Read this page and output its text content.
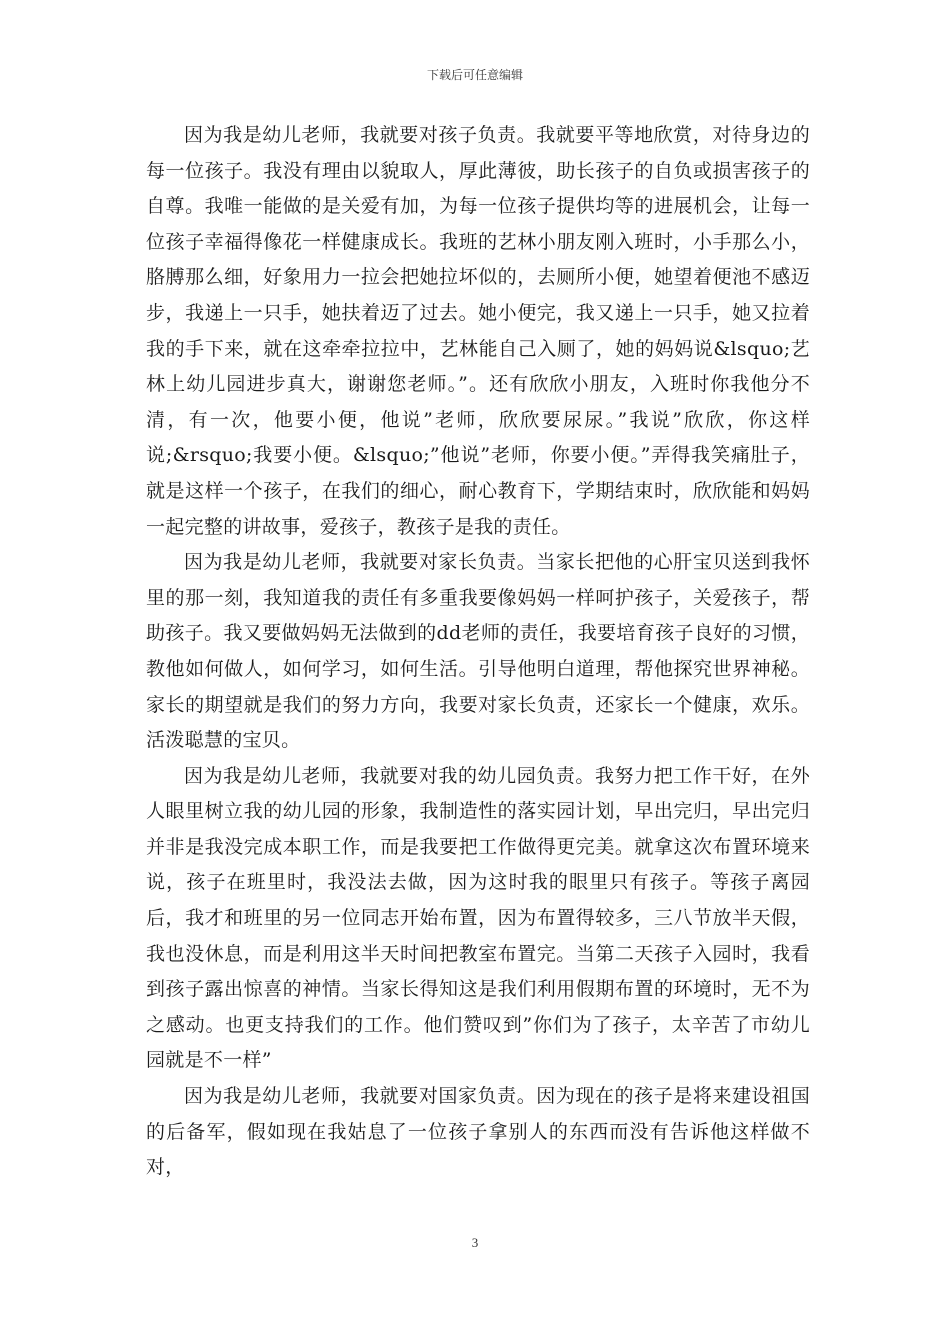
下载后可任意编辑

因为我是幼儿老师，我就要对孩子负责。我就要平等地欣赏，对待身边的每一位孩子。我没有理由以貌取人，厚此薄彼，助长孩子的自负或损害孩子的自尊。我唯一能做的是关爱有加，为每一位孩子提供均等的进展机会，让每一位孩子幸福得像花一样健康成长。我班的艺林小朋友刚入班时，小手那么小，胳膊那么细，好象用力一拉会把她拉坏似的，去厕所小便，她望着便池不感迈步，我递上一只手，她扶着迈了过去。她小便完，我又递上一只手，她又拉着我的手下来，就在这牵牵拉拉中，艺林能自己入厕了，她的妈妈说&lsquo;艺林上幼儿园进步真大，谢谢您老师。”。还有欣欣小朋友，入班时你我他分不清，有一次，他要小便，他说”老师，欣欣要尿尿。”我说”欣欣，你这样说;&rsquo;我要小便。&lsquo;”他说”老师，你要小便。”弄得我笑痛肚子，就是这样一个孩子，在我们的细心，耐心教育下，学期结束时，欣欣能和妈妈一起完整的讲故事，爱孩子，教孩子是我的责任。

因为我是幼儿老师，我就要对家长负责。当家长把他的心肝宝贝送到我怀里的那一刻，我知道我的责任有多重我要像妈妈一样呵护孩子，关爱孩子，帮助孩子。我又要做妈妈无法做到的dd老师的责任，我要培育孩子良好的习惯，教他如何做人，如何学习，如何生活。引导他明白道理，帮他探究世界神秘。家长的期望就是我们的努力方向，我要对家长负责，还家长一个健康，欢乐。活泼聪慧的宝贝。

因为我是幼儿老师，我就要对我的幼儿园负责。我努力把工作干好，在外人眼里树立我的幼儿园的形象，我制造性的落实园计划，早出完归，早出完归并非是我没完成本职工作，而是我要把工作做得更完美。就拿这次布置环境来说，孩子在班里时，我没法去做，因为这时我的眼里只有孩子。等孩子离园后，我才和班里的另一位同志开始布置，因为布置得较多，三八节放半天假，我也没休息，而是利用这半天时间把教室布置完。当第二天孩子入园时，我看到孩子露出惊喜的神情。当家长得知这是我们利用假期布置的环境时，无不为之感动。也更支持我们的工作。他们赞叹到”你们为了孩子，太辛苦了市幼儿园就是不一样”

因为我是幼儿老师，我就要对国家负责。因为现在的孩子是将来建设祖国的后备军，假如现在我姑息了一位孩子拿别人的东西而没有告诉他这样做不对，

3
